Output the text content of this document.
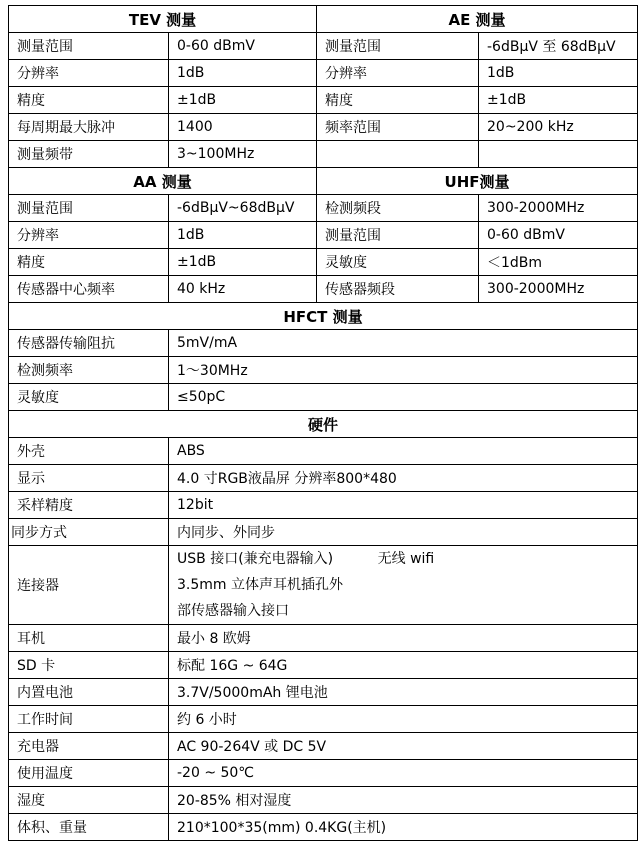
TEV 测量		AE 测量	
测量范围	0-60 dBmV	测量范围	-6dBμV 至 68dBμV
分辨率	1dB	分辨率	1dB
精度	±1dB	精度	±1dB
每周期最大脉冲	1400	频率范围	20~200 kHz
测量频带	3~100MHz		
AA 测量		UHF测量	
测量范围	-6dBμV~68dBμV	检测频段	300-2000MHz
分辨率	1dB	测量范围	0-60 dBmV
精度	±1dB	灵敏度	＜1dBm
传感器中心频率	40 kHz	传感器频段	300-2000MHz
HFCT 测量			
传感器传输阻抗	5mV/mA		
检测频率	1～30MHz		
灵敏度	≤50pC		
硬件			
外壳	ABS		
显示	4.0 寸RGB液晶屏 分辨率800*480		
采样精度	12bit		
同步方式	内同步、外同步		
连接器	USB 接口(兼充电器输入)          无线 wifi
3.5mm 立体声耳机插孔外
部传感器输入接口		

耳机	最小 8 欧姆		
SD 卡	标配 16G ~ 64G		
内置电池	3.7V/5000mAh 锂电池		
工作时间	约 6 小时		
充电器	AC 90-264V 或 DC 5V		
使用温度	-20 ~ 50℃		
湿度	20-85% 相对湿度		
体积、重量	210*100*35(mm) 0.4KG(主机)		
